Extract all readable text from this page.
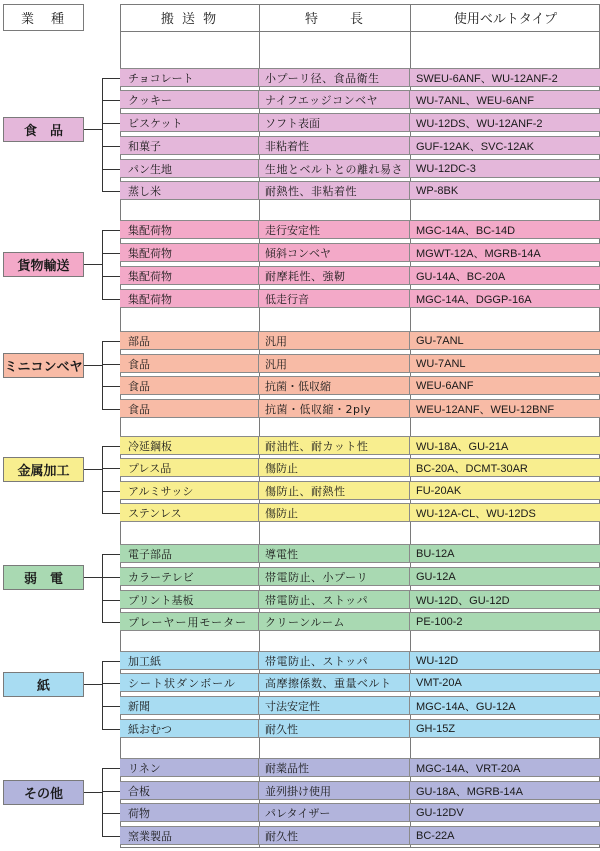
業　種	搬 送 物	特　　長	使用ベルトタイプ
食　品
チョコレート	小プーリ径、食品衛生	SWEU-6ANF、WU-12ANF-2
クッキー	ナイフエッジコンベヤ	WU-7ANL、WEU-6ANF
ビスケット	ソフト表面	WU-12DS、WU-12ANF-2
和菓子	非粘着性	GUF-12AK、SVC-12AK
パン生地	生地とベルトとの離れ易さ	WU-12DC-3
蒸し米	耐熱性、非粘着性	WP-8BK
貨物輸送
集配荷物	走行安定性	MGC-14A、BC-14D
集配荷物	傾斜コンベヤ	MGWT-12A、MGRB-14A
集配荷物	耐摩耗性、強靭	GU-14A、BC-20A
集配荷物	低走行音	MGC-14A、DGGP-16A
ミニコンベヤ
部品	汎用	GU-7ANL
食品	汎用	WU-7ANL
食品	抗菌・低収縮	WEU-6ANF
食品	抗菌・低収縮・2ply	WEU-12ANF、WEU-12BNF
金属加工
冷延鋼板	耐油性、耐カット性	WU-18A、GU-21A
プレス品	傷防止	BC-20A、DCMT-30AR
アルミサッシ	傷防止、耐熱性	FU-20AK
ステンレス	傷防止	WU-12A-CL、WU-12DS
弱　電
電子部品	導電性	BU-12A
カラーテレビ	帯電防止、小プーリ	GU-12A
プリント基板	帯電防止、ストッパ	WU-12D、GU-12D
プレーヤー用モーター	クリーンルーム	PE-100-2
紙
加工紙	帯電防止、ストッパ	WU-12D
シート状ダンボール	高摩擦係数、重量ベルト	VMT-20A
新聞	寸法安定性	MGC-14A、GU-12A
紙おむつ	耐久性	GH-15Z
その他
リネン	耐薬品性	MGC-14A、VRT-20A
合板	並列掛け使用	GU-18A、MGRB-14A
荷物	パレタイザー	GU-12DV
窯業製品	耐久性	BC-22A
